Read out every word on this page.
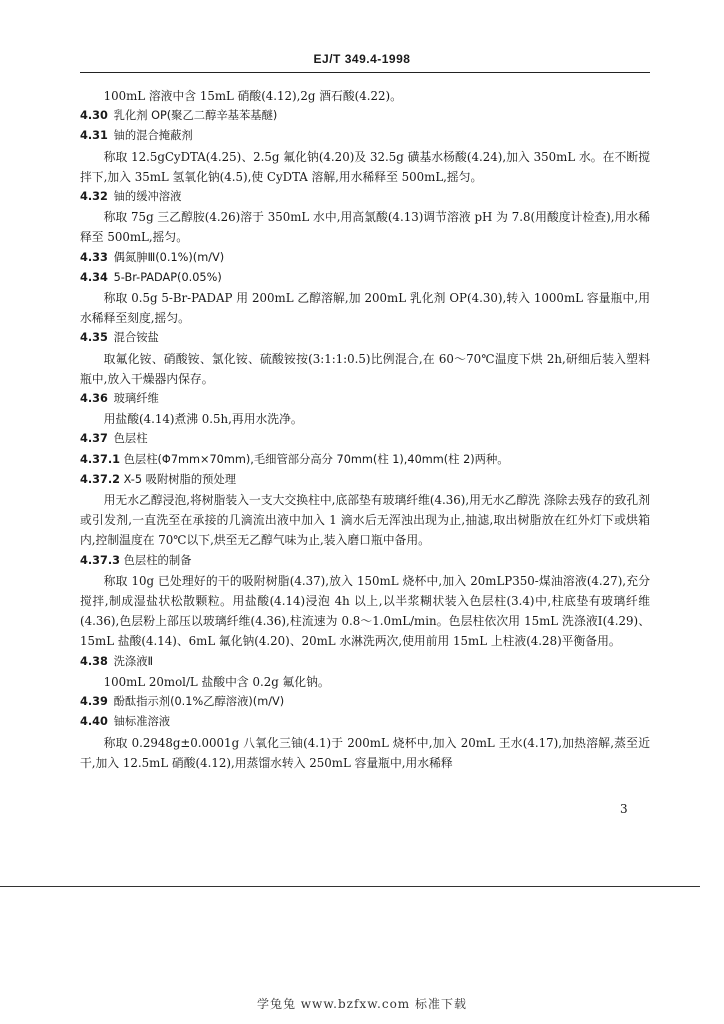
EJ/T 349.4-1998

100mL 溶液中含 15mL 硝酸(4.12),2g 酒石酸(4.22)。

4.30 乳化剂 OP(聚乙二醇辛基苯基醚)

4.31 铀的混合掩蔽剂

称取 12.5gCyDTA(4.25)、2.5g 氟化钠(4.20)及 32.5g 磺基水杨酸(4.24),加入 350mL 水。在不断搅拌下,加入 35mL 氢氧化钠(4.5),使 CyDTA 溶解,用水稀释至 500mL,摇匀。

4.32 铀的缓冲溶液

称取 75g 三乙醇胺(4.26)溶于 350mL 水中,用高氯酸(4.13)调节溶液 pH 为 7.8(用酸度计检查),用水稀释至 500mL,摇匀。

4.33 偶氮胂Ⅲ(0.1%)(m/V)

4.34 5-Br-PADAP(0.05%)

称取 0.5g 5-Br-PADAP 用 200mL 乙醇溶解,加 200mL 乳化剂 OP(4.30),转入 1000mL 容量瓶中,用水稀释至刻度,摇匀。

4.35 混合铵盐

取氟化铵、硝酸铵、氯化铵、硫酸铵按(3:1:1:0.5)比例混合,在 60～70℃温度下烘 2h,研细后装入塑料瓶中,放入干燥器内保存。

4.36 玻璃纤维

用盐酸(4.14)煮沸 0.5h,再用水洗净。

4.37 色层柱

4.37.1 色层柱(Φ7mm×70mm),毛细管部分高分 70mm(柱 1),40mm(柱 2)两种。

4.37.2 X-5 吸附树脂的预处理

用无水乙醇浸泡,将树脂装入一支大交换柱中,底部垫有玻璃纤维(4.36),用无水乙醇洗 涤除去残存的致孔剂或引发剂,一直洗至在承接的几滴流出液中加入 1 滴水后无浑浊出现为止,抽滤,取出树脂放在红外灯下或烘箱内,控制温度在 70℃以下,烘至无乙醇气味为止,装入磨口瓶中备用。

4.37.3 色层柱的制备

称取 10g 已处理好的干的吸附树脂(4.37),放入 150mL 烧杯中,加入 20mLP350-煤油溶液(4.27),充分搅拌,制成湿盐状松散颗粒。用盐酸(4.14)浸泡 4h 以上,以半浆糊状装入色层柱(3.4)中,柱底垫有玻璃纤维(4.36),色层粉上部压以玻璃纤维(4.36),柱流速为 0.8～1.0mL/min。色层柱依次用 15mL 洗涤液Ⅰ(4.29)、15mL 盐酸(4.14)、6mL 氟化钠(4.20)、20mL 水淋洗两次,使用前用 15mL 上柱液(4.28)平衡备用。

4.38 洗涤液Ⅱ

100mL 20mol/L 盐酸中含 0.2g 氟化钠。

4.39 酚酞指示剂(0.1%乙醇溶液)(m/V)

4.40 铀标准溶液

称取 0.2948g±0.0001g 八氧化三铀(4.1)于 200mL 烧杯中,加入 20mL 王水(4.17),加热溶解,蒸至近干,加入 12.5mL 硝酸(4.12),用蒸馏水转入 250mL 容量瓶中,用水稀释

3
学兔兔 www.bzfxw.com 标准下载
